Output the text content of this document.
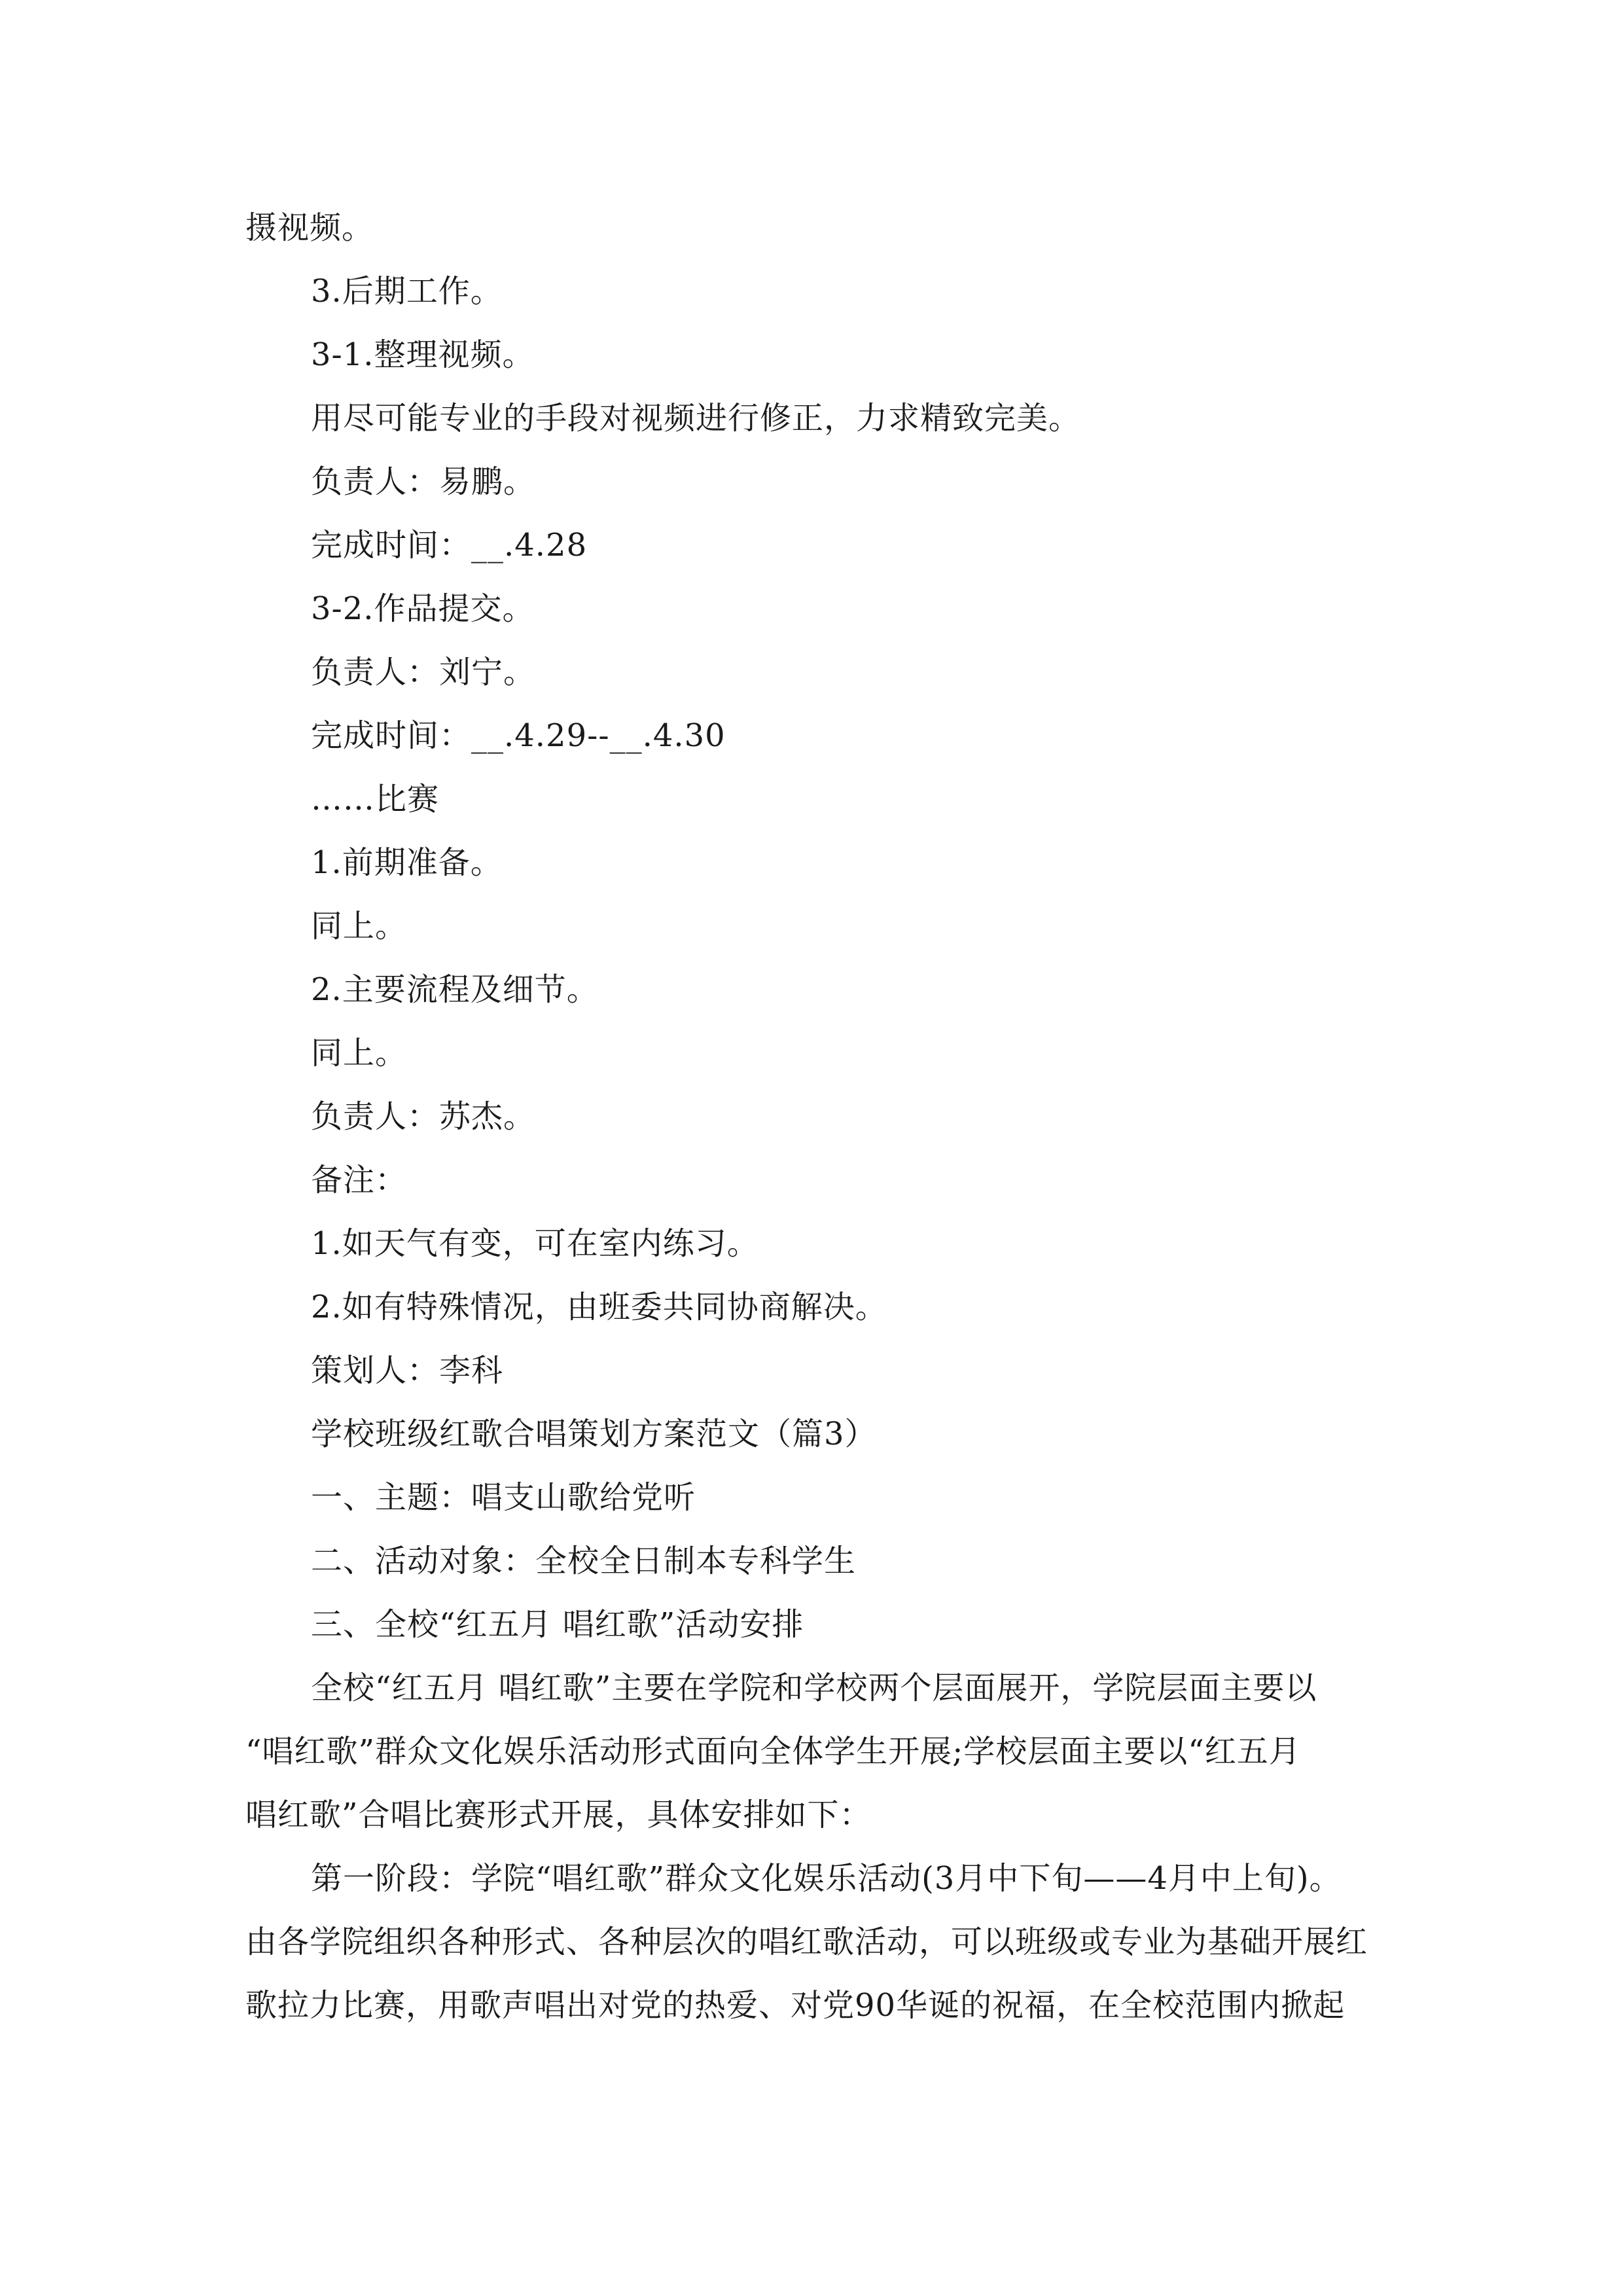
摄视频。
3.后期工作。
3-1.整理视频。
用尽可能专业的手段对视频进行修正，力求精致完美。
负责人：易鹏。
完成时间：__.4.28
3-2.作品提交。
负责人：刘宁。
完成时间：__.4.29--__.4.30
……比赛
1.前期准备。
同上。
2.主要流程及细节。
同上。
负责人：苏杰。
备注：
1.如天气有变，可在室内练习。
2.如有特殊情况，由班委共同协商解决。
策划人：李科
学校班级红歌合唱策划方案范文（篇3）
一、主题：唱支山歌给党听
二、活动对象：全校全日制本专科学生
三、全校“红五月 唱红歌”活动安排
全校“红五月 唱红歌”主要在学院和学校两个层面展开，学院层面主要以
“唱红歌”群众文化娱乐活动形式面向全体学生开展;学校层面主要以“红五月
唱红歌”合唱比赛形式开展，具体安排如下：
第一阶段：学院“唱红歌”群众文化娱乐活动(3月中下旬——4月中上旬)。
由各学院组织各种形式、各种层次的唱红歌活动，可以班级或专业为基础开展红
歌拉力比赛，用歌声唱出对党的热爱、对党90华诞的祝福，在全校范围内掀起
